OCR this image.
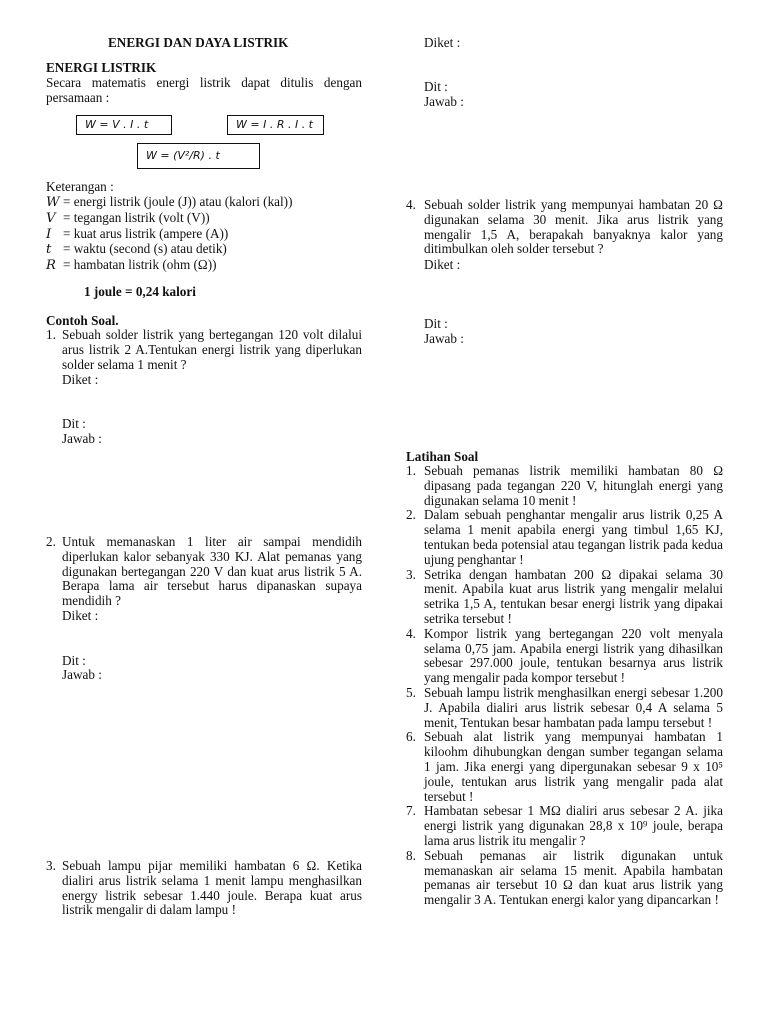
ENERGI DAN DAYA LISTRIK
ENERGI LISTRIK
Secara matematis energi listrik dapat ditulis dengan persamaan :
W = V . I . t	W = I . R . I . t
W = (V²/R) . t
Keterangan :
W = energi listrik (joule (J)) atau (kalori (kal))
V = tegangan listrik (volt (V))
I = kuat arus listrik (ampere (A))
t = waktu (second (s) atau detik)
R = hambatan listrik (ohm (Ω))
1 joule = 0,24 kalori
Contoh Soal.
1. Sebuah solder listrik yang bertegangan 120 volt dilalui arus listrik 2 A.Tentukan energi listrik yang diperlukan solder selama 1 menit ?
Diket :
Dit :
Jawab :
2. Untuk memanaskan 1 liter air sampai mendidih diperlukan kalor sebanyak 330 KJ. Alat pemanas yang digunakan bertegangan 220 V dan kuat arus listrik 5 A. Berapa lama air tersebut harus dipanaskan supaya mendidih ?
Diket :
Dit :
Jawab :
3. Sebuah lampu pijar memiliki hambatan 6 Ω. Ketika dialiri arus listrik selama 1 menit lampu menghasilkan energy listrik sebesar 1.440 joule. Berapa kuat arus listrik mengalir di dalam lampu !
Diket :
Dit :
Jawab :
4. Sebuah solder listrik yang mempunyai hambatan 20 Ω digunakan selama 30 menit. Jika arus listrik yang mengalir 1,5 A, berapakah banyaknya kalor yang ditimbulkan oleh solder tersebut ?
Diket :
Dit :
Jawab :
Latihan Soal
1. Sebuah pemanas listrik memiliki hambatan 80 Ω dipasang pada tegangan 220 V, hitunglah energi yang digunakan selama 10 menit !
2. Dalam sebuah penghantar mengalir arus listrik 0,25 A selama 1 menit apabila energi yang timbul 1,65 KJ, tentukan beda potensial atau tegangan listrik pada kedua ujung penghantar !
3. Setrika dengan hambatan 200 Ω dipakai selama 30 menit. Apabila kuat arus listrik yang mengalir melalui setrika 1,5 A, tentukan besar energi listrik yang dipakai setrika tersebut !
4. Kompor listrik yang bertegangan 220 volt menyala selama 0,75 jam. Apabila energi listrik yang dihasilkan sebesar 297.000 joule, tentukan besarnya arus listrik yang mengalir pada kompor tersebut !
5. Sebuah lampu listrik menghasilkan energi sebesar 1.200 J. Apabila dialiri arus listrik sebesar 0,4 A selama 5 menit, Tentukan besar hambatan pada lampu tersebut !
6. Sebuah alat listrik yang mempunyai hambatan 1 kiloohm dihubungkan dengan sumber tegangan selama 1 jam. Jika energi yang dipergunakan sebesar 9 x 10⁵ joule, tentukan arus listrik yang mengalir pada alat tersebut !
7. Hambatan sebesar 1 MΩ dialiri arus sebesar 2 A. jika energi listrik yang digunakan 28,8 x 10⁹ joule, berapa lama arus listrik itu mengalir ?
8. Sebuah pemanas air listrik digunakan untuk memanaskan air selama 15 menit. Apabila hambatan pemanas air tersebut 10 Ω dan kuat arus listrik yang mengalir 3 A. Tentukan energi kalor yang dipancarkan !
